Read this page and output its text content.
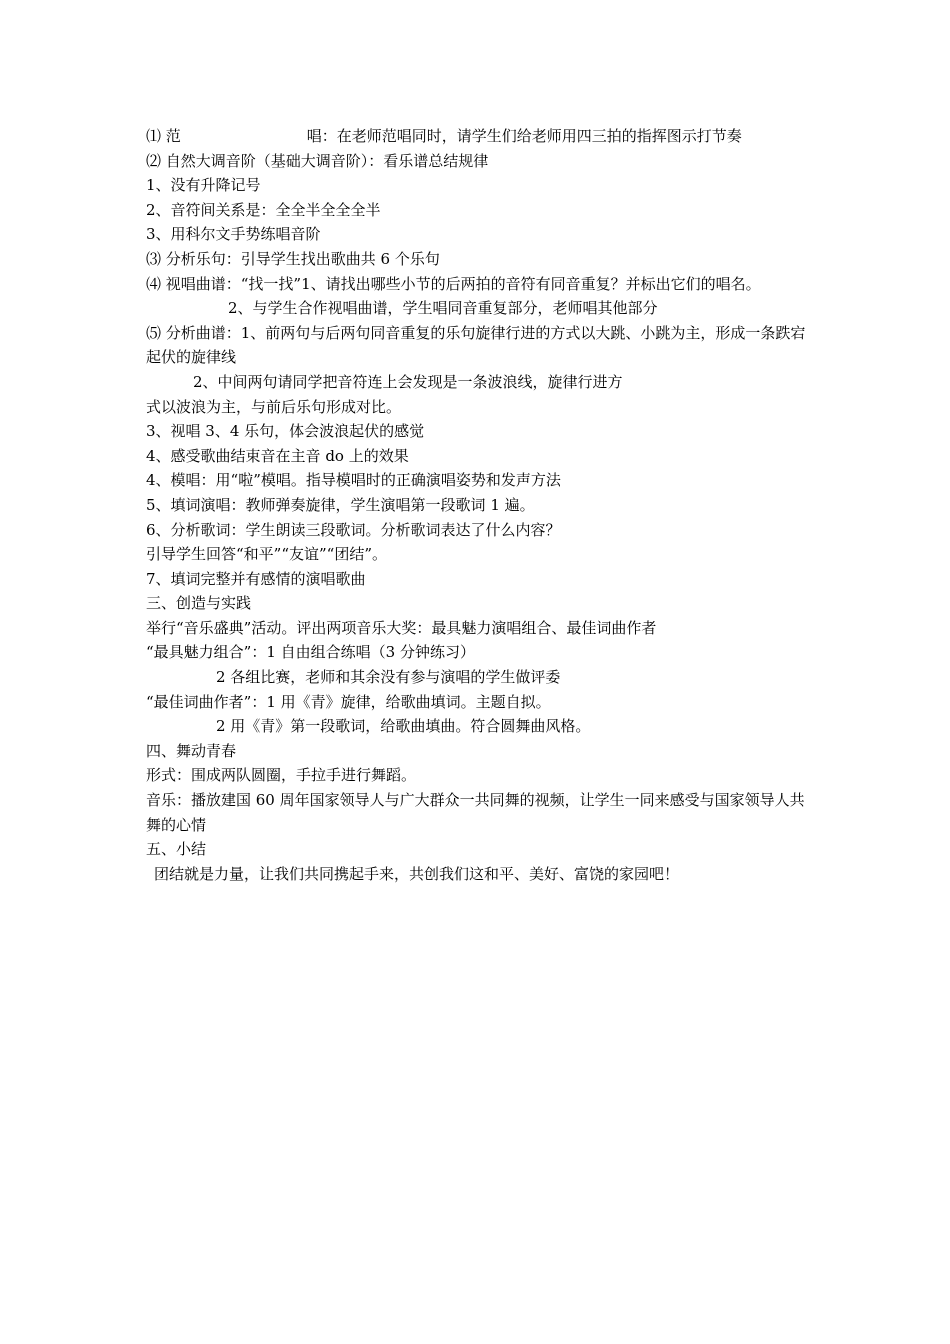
⑴ 范	唱：在老师范唱同时，请学生们给老师用四三拍的指挥图示打节奏
⑵ 自然大调音阶（基础大调音阶）：看乐谱总结规律
1、没有升降记号
2、音符间关系是：全全半全全全半
3、用科尔文手势练唱音阶
⑶ 分析乐句：引导学生找出歌曲共 6 个乐句
⑷ 视唱曲谱：“找一找”1、请找出哪些小节的后两拍的音符有同音重复？并标出它们的唱名。
2、与学生合作视唱曲谱，学生唱同音重复部分，老师唱其他部分
⑸ 分析曲谱：1、前两句与后两句同音重复的乐句旋律行进的方式以大跳、小跳为主，形成一条跌宕起伏的旋律线
2、中间两句请同学把音符连上会发现是一条波浪线，旋律行进方
式以波浪为主，与前后乐句形成对比。
3、视唱 3、4 乐句，体会波浪起伏的感觉
4、感受歌曲结束音在主音 do 上的效果
4、模唱：用“啦”模唱。指导模唱时的正确演唱姿势和发声方法
5、填词演唱：教师弹奏旋律，学生演唱第一段歌词 1 遍。
6、分析歌词：学生朗读三段歌词。分析歌词表达了什么内容？
引导学生回答“和平”“友谊”“团结”。
7、填词完整并有感情的演唱歌曲
三、创造与实践
举行“音乐盛典”活动。评出两项音乐大奖：最具魅力演唱组合、最佳词曲作者
“最具魅力组合”：1 自由组合练唱（3 分钟练习）
2 各组比赛，老师和其余没有参与演唱的学生做评委
“最佳词曲作者”：1 用《青》旋律，给歌曲填词。主题自拟。
2 用《青》第一段歌词，给歌曲填曲。符合圆舞曲风格。
四、舞动青春
形式：围成两队圆圈，手拉手进行舞蹈。
音乐：播放建国 60 周年国家领导人与广大群众一共同舞的视频，让学生一同来感受与国家领导人共舞的心情
五、小结
团结就是力量，让我们共同携起手来，共创我们这和平、美好、富饶的家园吧！
